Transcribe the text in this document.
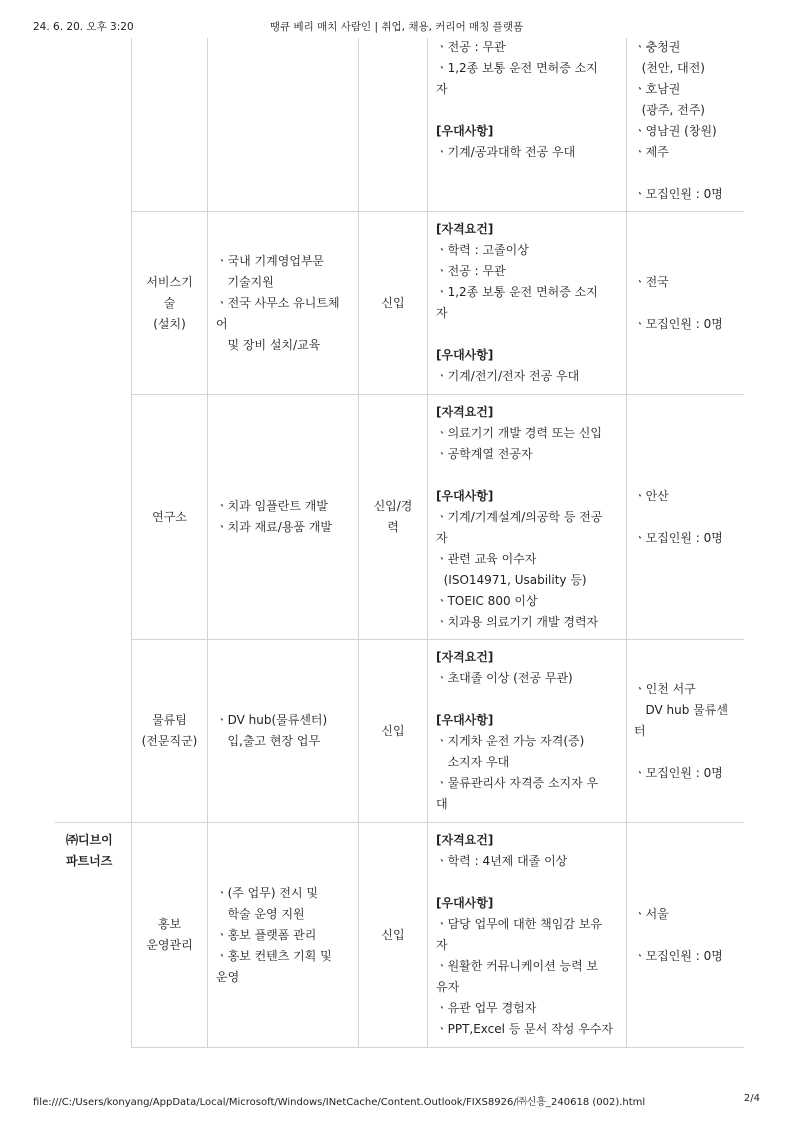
24. 6. 20. 오후 3:20	땡큐 베리 매치 사람인 | 취업, 채용, 커리어 매칭 플랫폼
ㆍ전공 : 무관
ㆍ1,2종 보통 운전 면허증 소지
자
[우대사항]
ㆍ기계/공과대학 전공 우대
ㆍ충청권
(천안, 대전)
ㆍ호남권
(광주, 전주)
ㆍ영남권 (창원)
ㆍ제주
ㆍ모집인원 : 0명
서비스기
술
(설치)
ㆍ국내 기계영업부문
기술지원
ㆍ전국 사무소 유니트체
어
및 장비 설치/교육
신입
[자격요건]
ㆍ학력 : 고졸이상
ㆍ전공 : 무관
ㆍ1,2종 보통 운전 면허증 소지
자
[우대사항]
ㆍ기계/전기/전자 전공 우대
ㆍ전국
ㆍ모집인원 : 0명
연구소
ㆍ치과 임플란트 개발
ㆍ치과 재료/용품 개발
신입/경
력
[자격요건]
ㆍ의료기기 개발 경력 또는 신입
ㆍ공학계열 전공자
[우대사항]
ㆍ기계/기계설계/의공학 등 전공
자
ㆍ관련 교육 이수자
(ISO14971, Usability 등)
ㆍTOEIC 800 이상
ㆍ치과용 의료기기 개발 경력자
ㆍ안산
ㆍ모집인원 : 0명
물류팀
(전문직군)
ㆍDV hub(물류센터)
입,출고 현장 업무
신입
[자격요건]
ㆍ초대졸 이상 (전공 무관)
[우대사항]
ㆍ지게차 운전 가능 자격(증)
소지자 우대
ㆍ물류관리사 자격증 소지자 우
대
ㆍ인천 서구
DV hub 물류센
터
ㆍ모집인원 : 0명
㈜디브이
파트너즈
홍보
운영관리
ㆍ(주 업무) 전시 및
학술 운영 지원
ㆍ홍보 플랫폼 관리
ㆍ홍보 컨텐츠 기획 및
운영
신입
[자격요건]
ㆍ학력 : 4년제 대졸 이상
[우대사항]
ㆍ담당 업무에 대한 책임감 보유
자
ㆍ원활한 커뮤니케이션 능력 보
유자
ㆍ유관 업무 경험자
ㆍPPT,Excel 등 문서 작성 우수자
ㆍ서울
ㆍ모집인원 : 0명
file:///C:/Users/konyang/AppData/Local/Microsoft/Windows/INetCache/Content.Outlook/FIXS8926/㈜신흥_240618 (002).html	2/4
